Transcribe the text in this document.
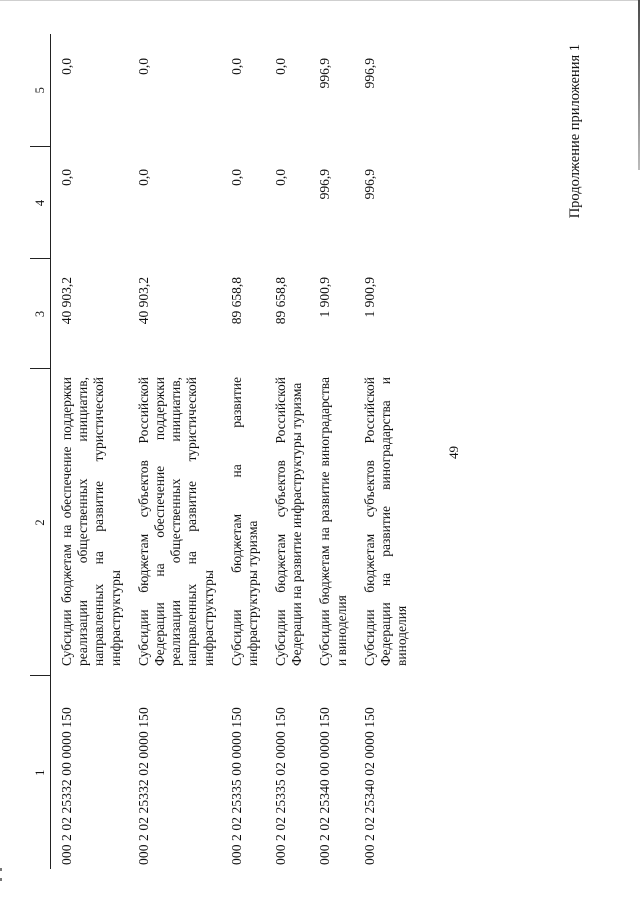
49
Продолжение приложения 1
1	2	3	4	5
000 2 02 25332 00 0000 150	Субсидии бюджетам на обеспечение поддержки реализации общественных инициатив, направленных на развитие туристической инфраструктуры	40 903,2	0,0	0,0
000 2 02 25332 02 0000 150	Субсидии бюджетам субъектов Российской Федерации на обеспечение поддержки реализации общественных инициатив, направленных на развитие туристической инфраструктуры	40 903,2	0,0	0,0
000 2 02 25335 00 0000 150	Субсидии бюджетам на развитие инфраструктуры туризма	89 658,8	0,0	0,0
000 2 02 25335 02 0000 150	Субсидии бюджетам субъектов Российской Федерации на развитие инфраструктуры туризма	89 658,8	0,0	0,0
000 2 02 25340 00 0000 150	Субсидии бюджетам на развитие виноградарства и виноделия	1 900,9	996,9	996,9
000 2 02 25340 02 0000 150	Субсидии бюджетам субъектов Российской Федерации на развитие виноградарства и виноделия	1 900,9	996,9	996,9
